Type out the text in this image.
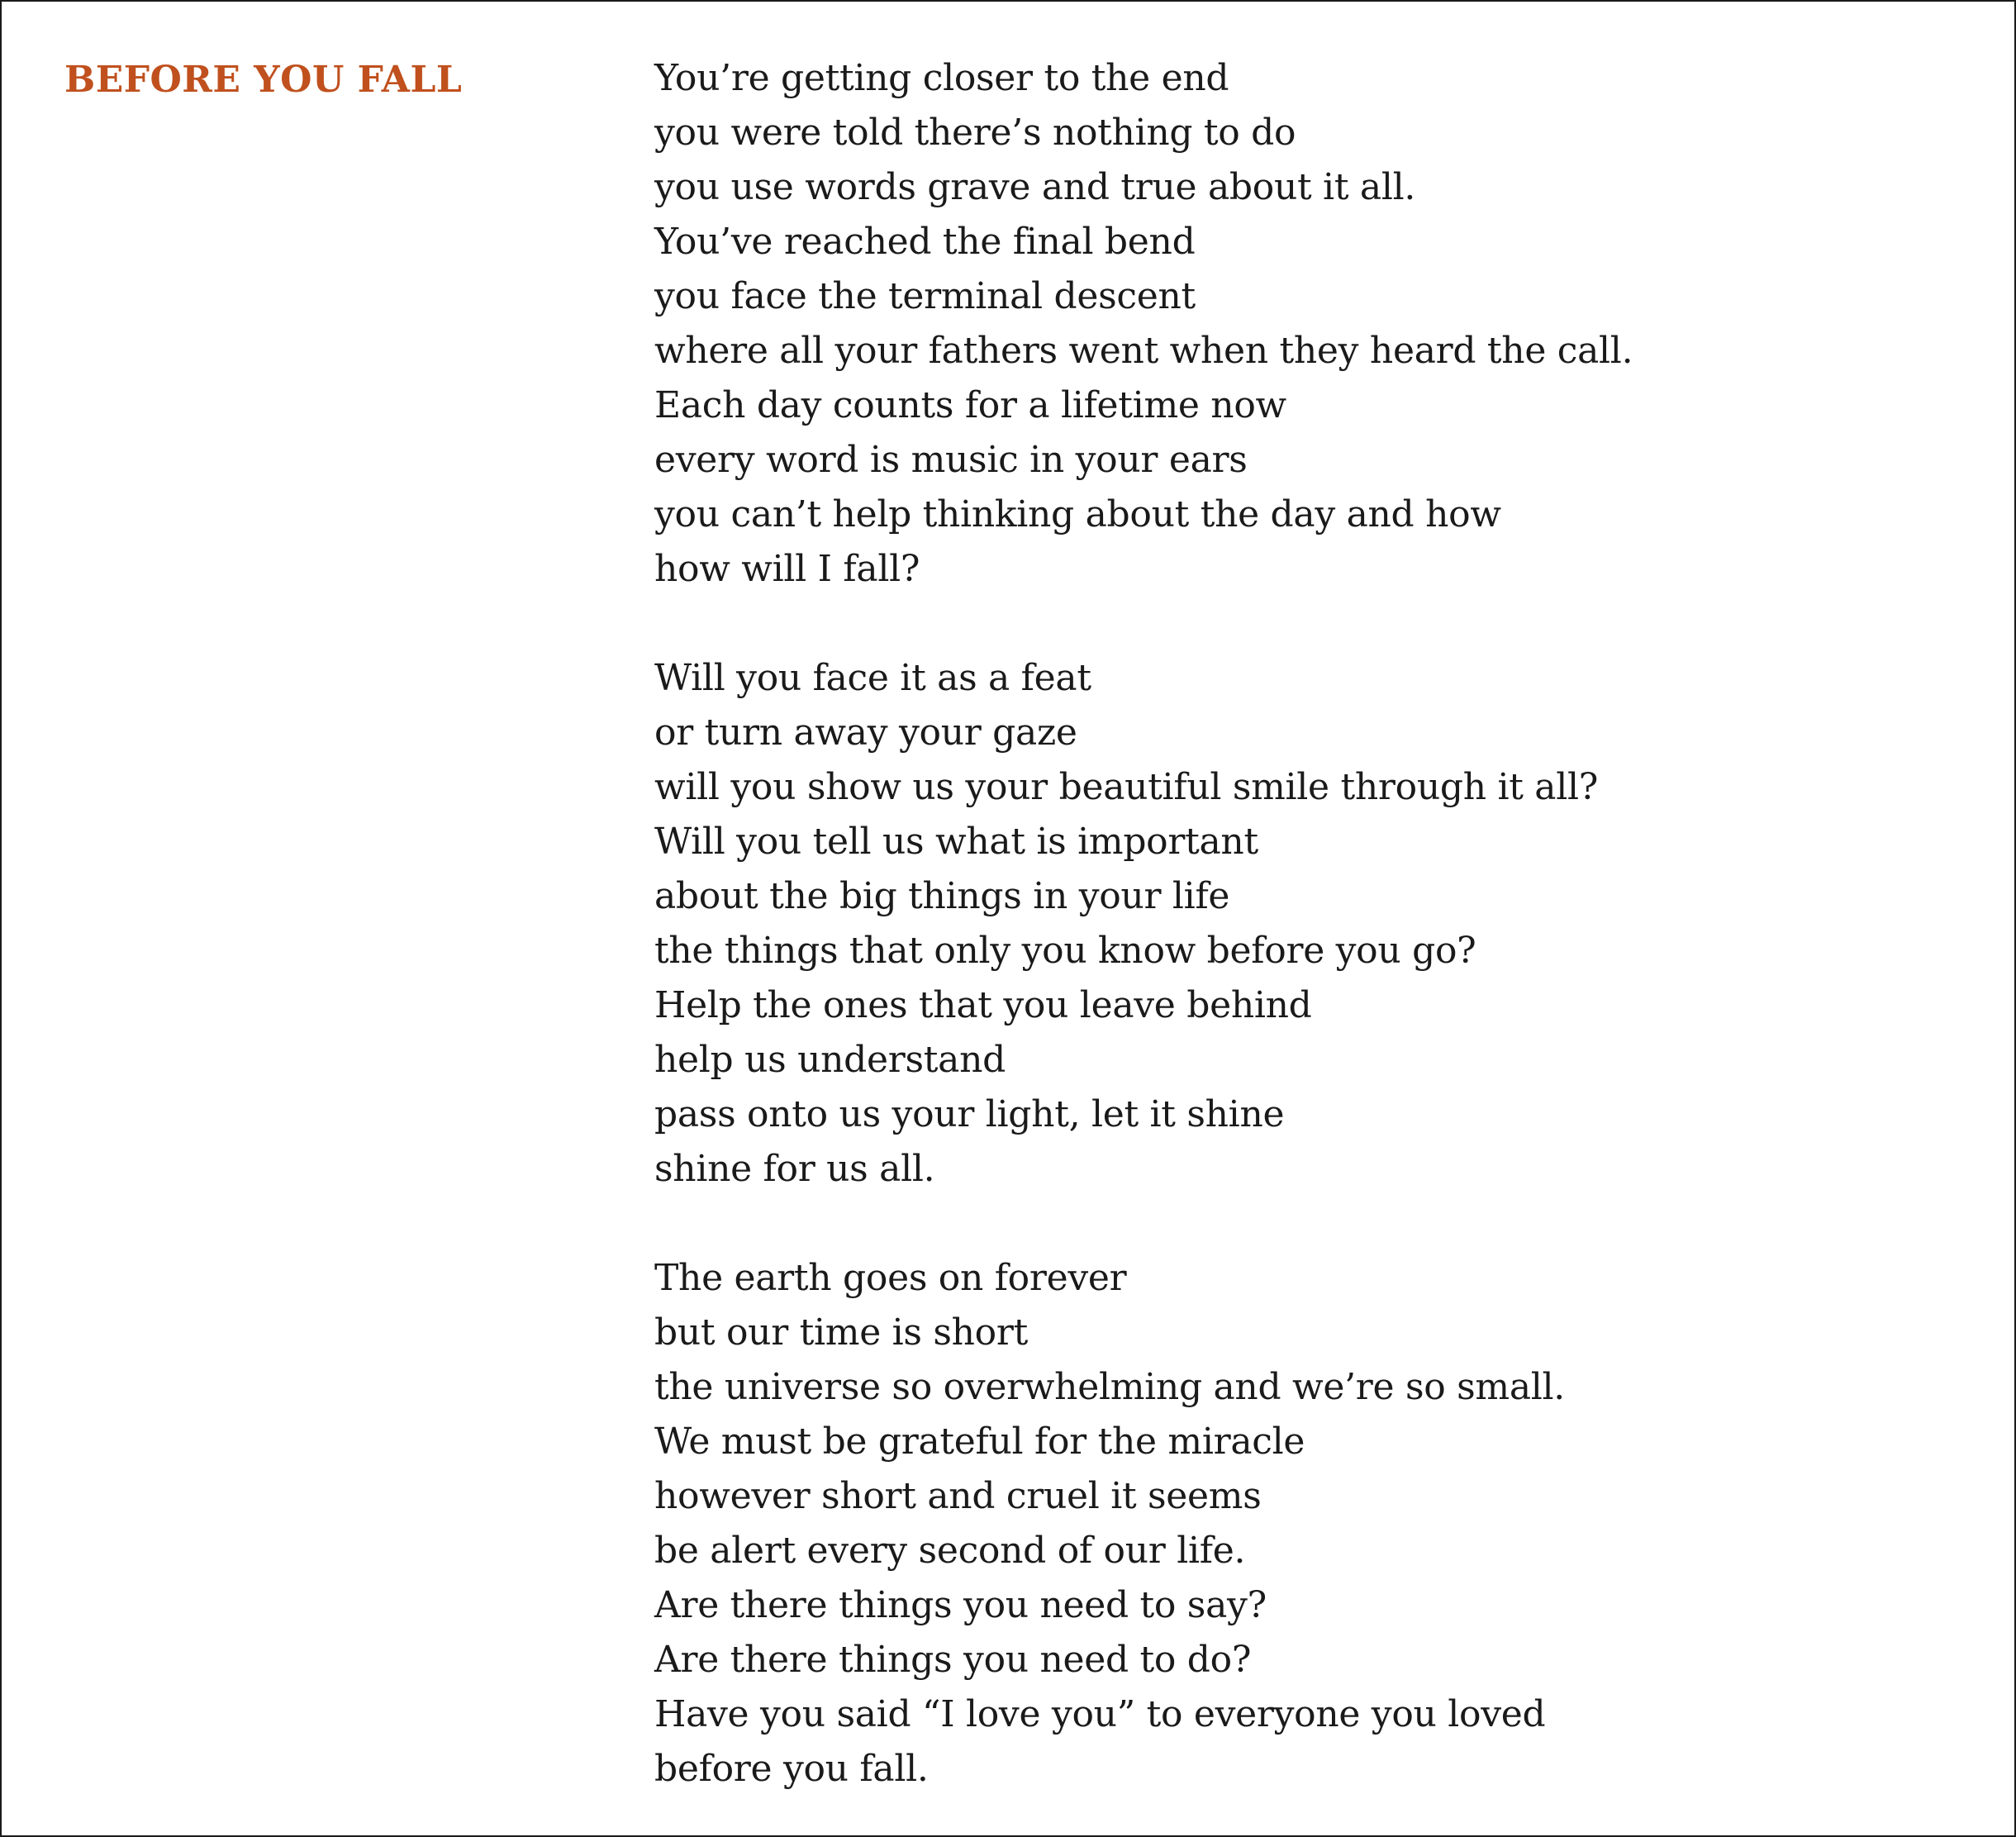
BEFORE YOU FALL	You’re getting closer to the end
you were told there’s nothing to do
you use words grave and true about it all.
You’ve reached the final bend
you face the terminal descent
where all your fathers went when they heard the call.
Each day counts for a lifetime now
every word is music in your ears
you can’t help thinking about the day and how
how will I fall?
Will you face it as a feat
or turn away your gaze
will you show us your beautiful smile through it all?
Will you tell us what is important
about the big things in your life
the things that only you know before you go?
Help the ones that you leave behind
help us understand
pass onto us your light, let it shine
shine for us all.
The earth goes on forever
but our time is short
the universe so overwhelming and we’re so small.
We must be grateful for the miracle
however short and cruel it seems
be alert every second of our life.
Are there things you need to say?
Are there things you need to do?
Have you said “I love you” to everyone you loved
before you fall.
